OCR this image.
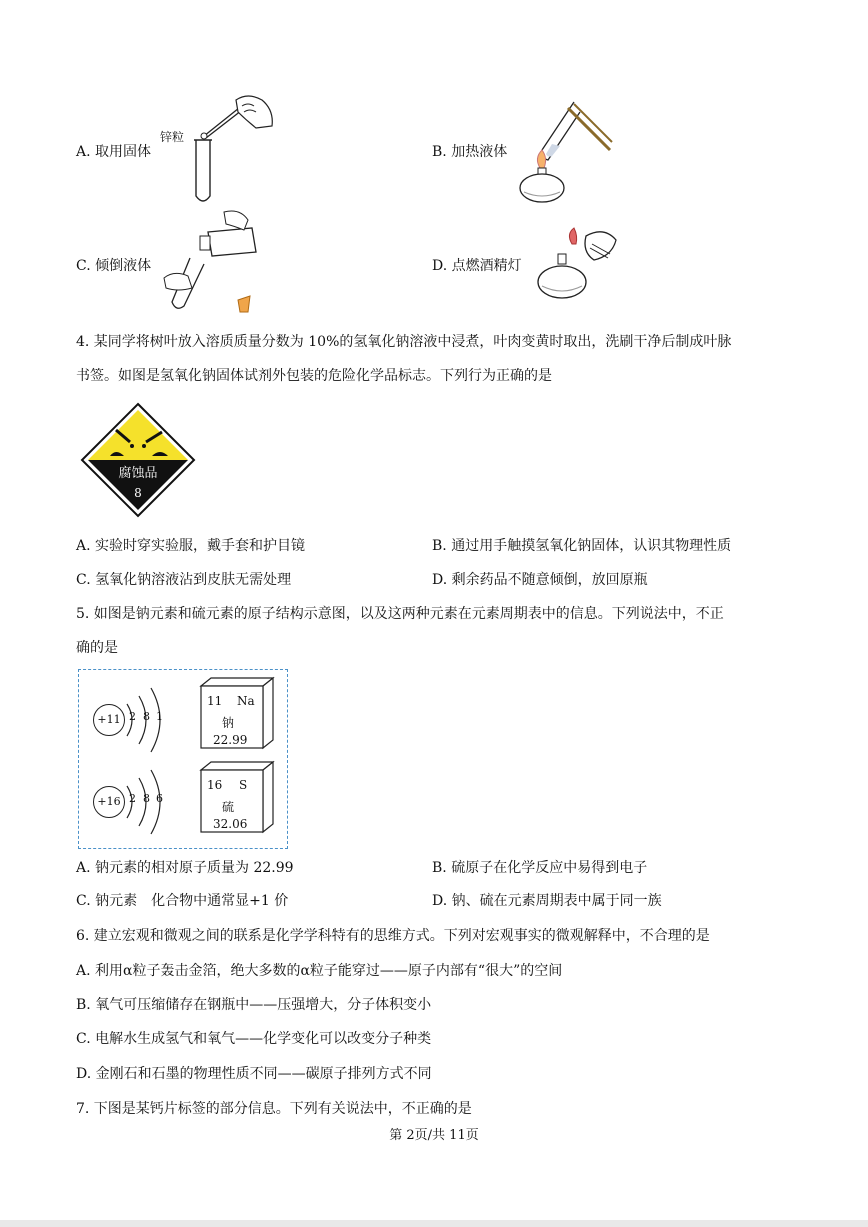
A. 取用固体
锌粒
B. 加热液体
C. 倾倒液体	D. 点燃酒精灯
4. 某同学将树叶放入溶质质量分数为 10%的氢氧化钠溶液中浸煮，叶肉变黄时取出，洗刷干净后制成叶脉
书签。如图是氢氧化钠固体试剂外包装的危险化学品标志。下列行为正确的是
腐蚀品
8
A. 实验时穿实验服，戴手套和护目镜	B. 通过用手触摸氢氧化钠固体，认识其物理性质
C. 氢氧化钠溶液沾到皮肤无需处理	D. 剩余药品不随意倾倒，放回原瓶
5. 如图是钠元素和硫元素的原子结构示意图，以及这两种元素在元素周期表中的信息。下列说法中，不正
确的是
+11 2 8 1
11 Na
钠
22.99
+16 2 8 6
16 S
硫
32.06
A. 钠元素的相对原子质量为 22.99	B. 硫原子在化学反应中易得到电子
C. 钠元素　化合物中通常显+1 价	D. 钠、硫在元素周期表中属于同一族
6. 建立宏观和微观之间的联系是化学学科特有的思维方式。下列对宏观事实的微观解释中，不合理的是
A. 利用α粒子轰击金箔，绝大多数的α粒子能穿过——原子内部有“很大”的空间
B. 氧气可压缩储存在钢瓶中——压强增大，分子体积变小
C. 电解水生成氢气和氧气——化学变化可以改变分子种类
D. 金刚石和石墨的物理性质不同——碳原子排列方式不同
7. 下图是某钙片标签的部分信息。下列有关说法中，不正确的是
第 2页/共 11页
